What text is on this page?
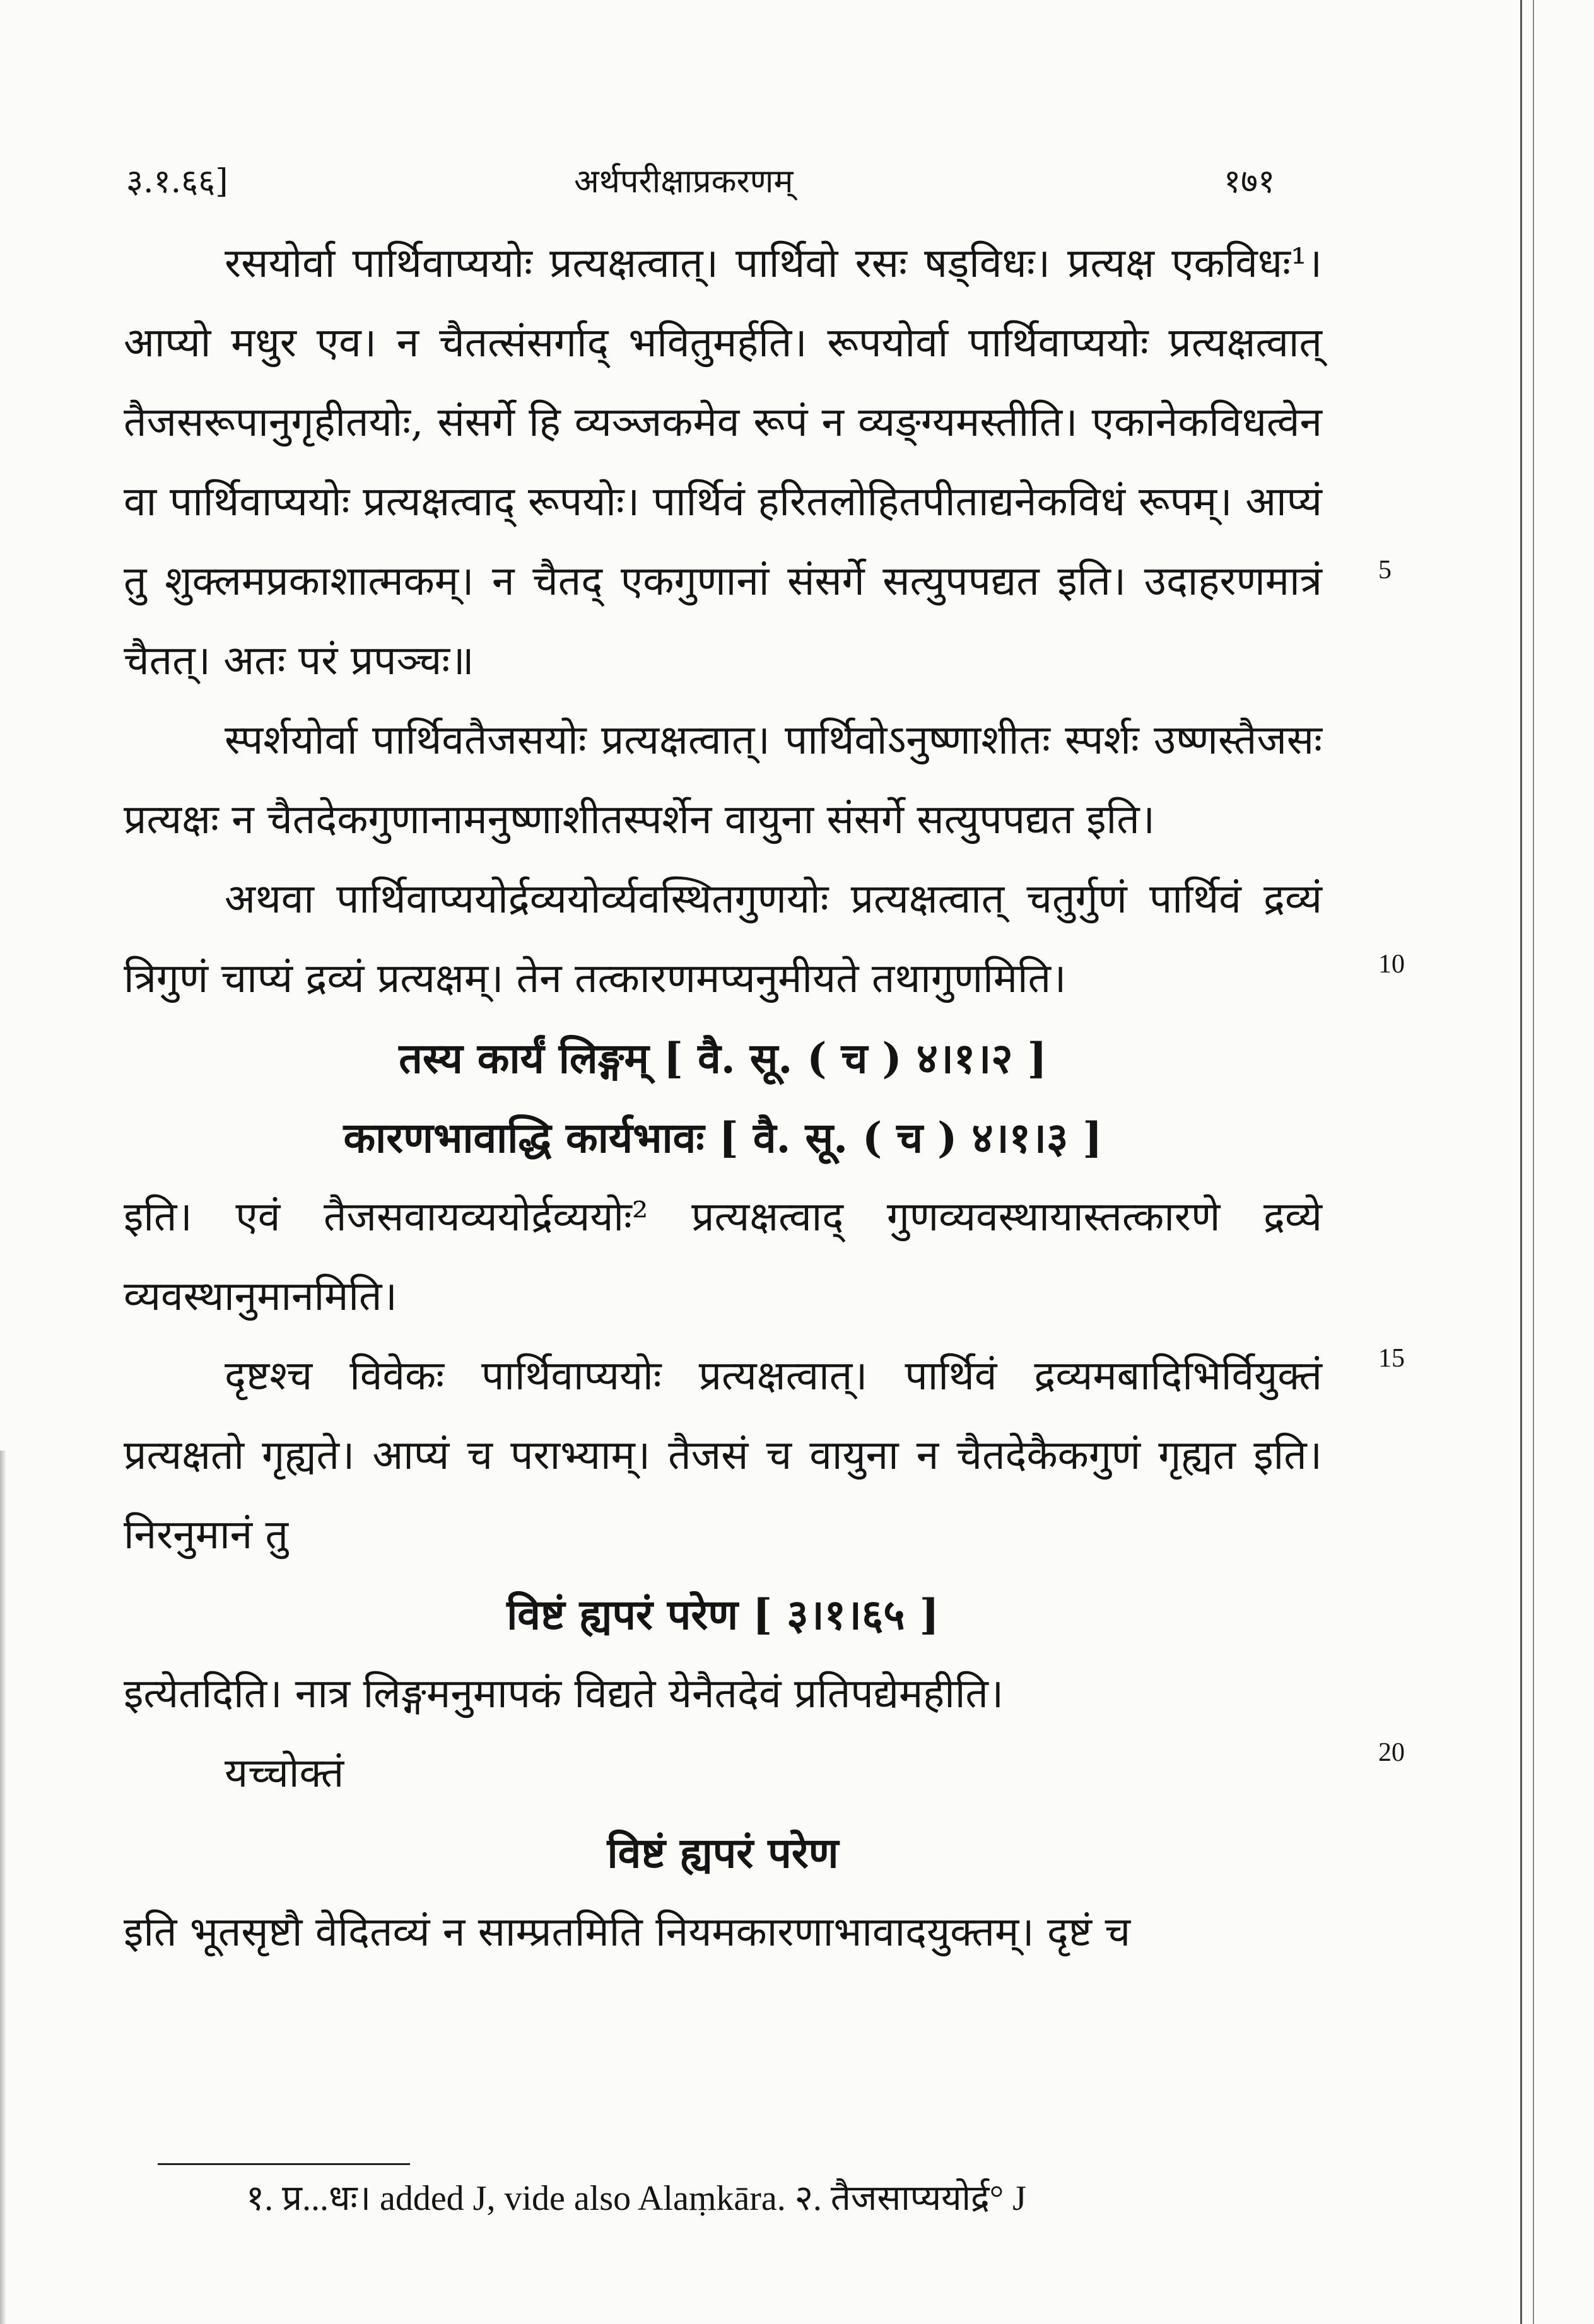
३.१.६६]	अर्थपरीक्षाप्रकरणम्	१७१

रसयोर्वा पार्थिवाप्ययोः प्रत्यक्षत्वात्। पार्थिवो रसः षड्विधः। प्रत्यक्ष एकविधः¹। आप्यो मधुर एव। न चैतत्संसर्गाद् भवितुमर्हति। रूपयोर्वा पार्थिवाप्ययोः प्रत्यक्षत्वात् तैजसरूपानुगृहीतयोः, संसर्गे हि व्यञ्जकमेव रूपं न व्यङ्ग्यमस्तीति। एकानेकविधत्वेन वा पार्थिवाप्ययोः प्रत्यक्षत्वाद् रूपयोः। पार्थिवं हरितलोहितपीताद्यनेकविधं रूपम्। आप्यं तु शुक्लमप्रकाशात्मकम्। न चैतद् एकगुणानां संसर्गे सत्युपपद्यत इति। उदाहरणमात्रं चैतत्। अतः परं प्रपञ्चः॥

स्पर्शयोर्वा पार्थिवतैजसयोः प्रत्यक्षत्वात्। पार्थिवोऽनुष्णाशीतः स्पर्शः उष्णस्तैजसः प्रत्यक्षः न चैतदेकगुणानामनुष्णाशीतस्पर्शेन वायुना संसर्गे सत्युपपद्यत इति।

अथवा पार्थिवाप्ययोर्द्रव्ययोर्व्यवस्थितगुणयोः प्रत्यक्षत्वात् चतुर्गुणं पार्थिवं द्रव्यं त्रिगुणं चाप्यं द्रव्यं प्रत्यक्षम्। तेन तत्कारणमप्यनुमीयते तथागुणमिति।

तस्य कार्यं लिङ्गम् [ वै. सू. ( च ) ४।१।२ ]

कारणभावाद्धि कार्यभावः [ वै. सू. ( च ) ४।१।३ ]

इति। एवं तैजसवायव्ययोर्द्रव्ययोः² प्रत्यक्षत्वाद् गुणव्यवस्थायास्तत्कारणे द्रव्ये व्यवस्थानुमानमिति।

दृष्टश्च विवेकः पार्थिवाप्ययोः प्रत्यक्षत्वात्। पार्थिवं द्रव्यमबादिभिर्वियुक्तं प्रत्यक्षतो गृह्यते। आप्यं च पराभ्याम्। तैजसं च वायुना न चैतदेकैकगुणं गृह्यत इति। निरनुमानं तु

विष्टं ह्यपरं परेण [ ३।१।६५ ]

इत्येतदिति। नात्र लिङ्गमनुमापकं विद्यते येनैतदेवं प्रतिपद्येमहीति।

यच्चोक्तं

विष्टं ह्यपरं परेण

इति भूतसृष्टौ वेदितव्यं न साम्प्रतमिति नियमकारणाभावादयुक्तम्। दृष्टं च

5
10
15
20
१. प्र...धः। added J, vide also Alaṃkāra. २. तैजसाप्ययोर्द्र° J
